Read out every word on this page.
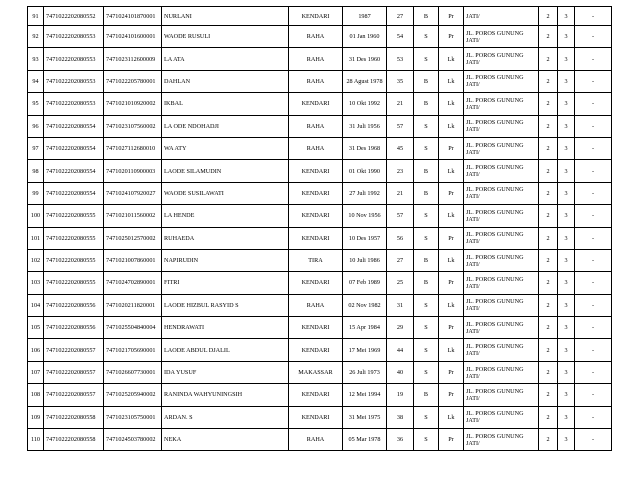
91	7471022202080552	7471024101870001	NURLANI	KENDARI	1987	27	B	Pr	JATI/	2	3	-
92	7471022202080553	7471024101600001	WAODE RUSULI	RAHA	01 Jan 1960	54	S	Pr	JL. POROS GUNUNG JATI/	2	3	-
93	7471022202080553	7471023112600009	LA ATA	RAHA	31 Des 1960	53	S	Lk	JL. POROS GUNUNG JATI/	2	3	-
94	7471022202080553	7471022205780001	DAHLAN	RAHA	28 Agust 1978	35	B	Lk	JL. POROS GUNUNG JATI/	2	3	-
95	7471022202080553	7471021010920002	IKBAL	KENDARI	10 Okt 1992	21	B	Lk	JL. POROS GUNUNG JATI/	2	3	-
96	7471022202080554	7471023107560002	LA ODE NDOHADJI	RAHA	31 Juli 1956	57	S	Lk	JL. POROS GUNUNG JATI/	2	3	-
97	7471022202080554	7471027112680010	WA ATY	RAHA	31 Des 1968	45	S	Pr	JL. POROS GUNUNG JATI/	2	3	-
98	7471022202080554	7471020110900003	LAODE SILAMUDIN	KENDARI	01 Okt 1990	23	B	Lk	JL. POROS GUNUNG JATI/	2	3	-
99	7471022202080554	7471024107920027	WAODE SUSILAWATI	KENDARI	27 Juli 1992	21	B	Pr	JL. POROS GUNUNG JATI/	2	3	-
100	7471022202080555	7471021011560002	LA HENDE	KENDARI	10 Nov 1956	57	S	Lk	JL. POROS GUNUNG JATI/	2	3	-
101	7471022202080555	7471025012570002	RUHAEDA	KENDARI	10 Des 1957	56	S	Pr	JL. POROS GUNUNG JATI/	2	3	-
102	7471022202080555	7471021007860001	NAPIRUDIN	TIRA	10 Juli 1986	27	B	Lk	JL. POROS GUNUNG JATI/	2	3	-
103	7471022202080555	7471024702890001	FITRI	KENDARI	07 Feb 1989	25	B	Pr	JL. POROS GUNUNG JATI/	2	3	-
104	7471022202080556	7471020211820001	LAODE HIZBUL RASYID S	RAHA	02 Nov 1982	31	S	Lk	JL. POROS GUNUNG JATI/	2	3	-
105	7471022202080556	7471025504840004	HENDRAWATI	KENDARI	15 Apr 1984	29	S	Pr	JL. POROS GUNUNG JATI/	2	3	-
106	7471022202080557	7471021705690001	LAODE ABDUL DJALIL	KENDARI	17 Mei 1969	44	S	Lk	JL. POROS GUNUNG JATI/	2	3	-
107	7471022202080557	7471026607730001	IDA YUSUF	MAKASSAR	26 Juli 1973	40	S	Pr	JL. POROS GUNUNG JATI/	2	3	-
108	7471022202080557	7471025205940002	RANINDA WAHYUNINGSIH	KENDARI	12 Mei 1994	19	B	Pr	JL. POROS GUNUNG JATI/	2	3	-
109	7471022202080558	7471023105750001	ARDAN. S	KENDARI	31 Mei 1975	38	S	Lk	JL. POROS GUNUNG JATI/	2	3	-
110	7471022202080558	7471024503780002	NEKA	RAHA	05 Mar 1978	36	S	Pr	JL. POROS GUNUNG JATI/	2	3	-
